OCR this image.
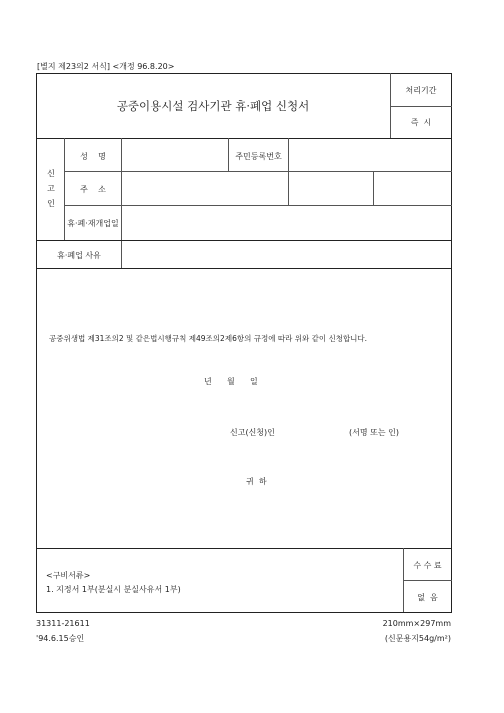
[별지 제23의2 서식] <개정 96.8.20>
공중이용시설 검사기관 휴·폐업 신청서
처리기간
즉  시
신 고 인
성    명	주민등록번호
주    소
휴·폐·재개업일
휴·폐업 사유
공중위생법 제31조의2 및 같은법시행규칙 제49조의2제6항의 규정에 따라 위와 같이 신청합니다.
년      월      일
신고(신청)인	(서명 또는 인)
귀  하
<구비서류>
1. 지정서 1부(분실시 분실사유서 1부)
수 수 료
없  음
31311-21611
'94.6.15승인
210mm×297mm
(신문용지54g/m²)
